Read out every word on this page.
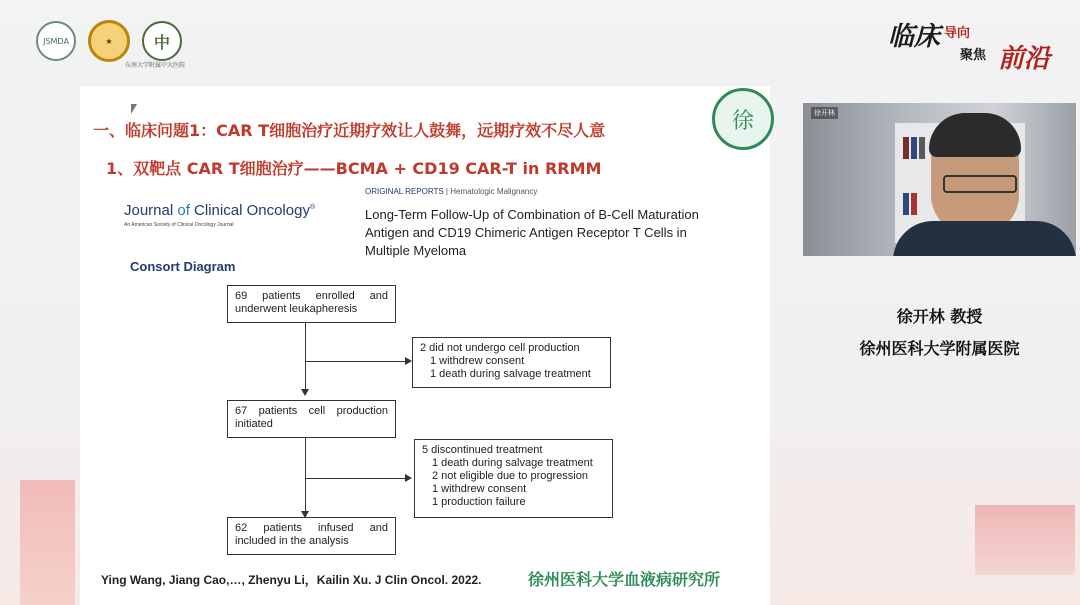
JSMDA	★	中
东南大学附属中大医院
临床 导向
聚焦 前沿
一、临床问题1：CAR T细胞治疗近期疗效让人鼓舞，远期疗效不尽人意
1、双靶点 CAR T细胞治疗——BCMA + CD19 CAR-T in RRMM
徐
Journal of Clinical Oncology®
An American Society of Clinical Oncology Journal
ORIGINAL REPORTS | Hematologic Malignancy
Long-Term Follow-Up of Combination of B-Cell Maturation Antigen and CD19 Chimeric Antigen Receptor T Cells in Multiple Myeloma
Consort Diagram
69 patients enrolled and
underwent leukapheresis
2 did not undergo cell production
1 withdrew consent
1 death during salvage treatment
67 patients cell production
initiated
5 discontinued treatment
1 death during salvage treatment
2 not eligible due to progression
1 withdrew consent
1 production failure
62 patients infused and
included in the analysis
Ying Wang, Jiang Cao,…, Zhenyu Li，Kailin Xu. J Clin Oncol. 2022.	徐州医科大学血液病研究所
徐开林
徐开林 教授
徐州医科大学附属医院
